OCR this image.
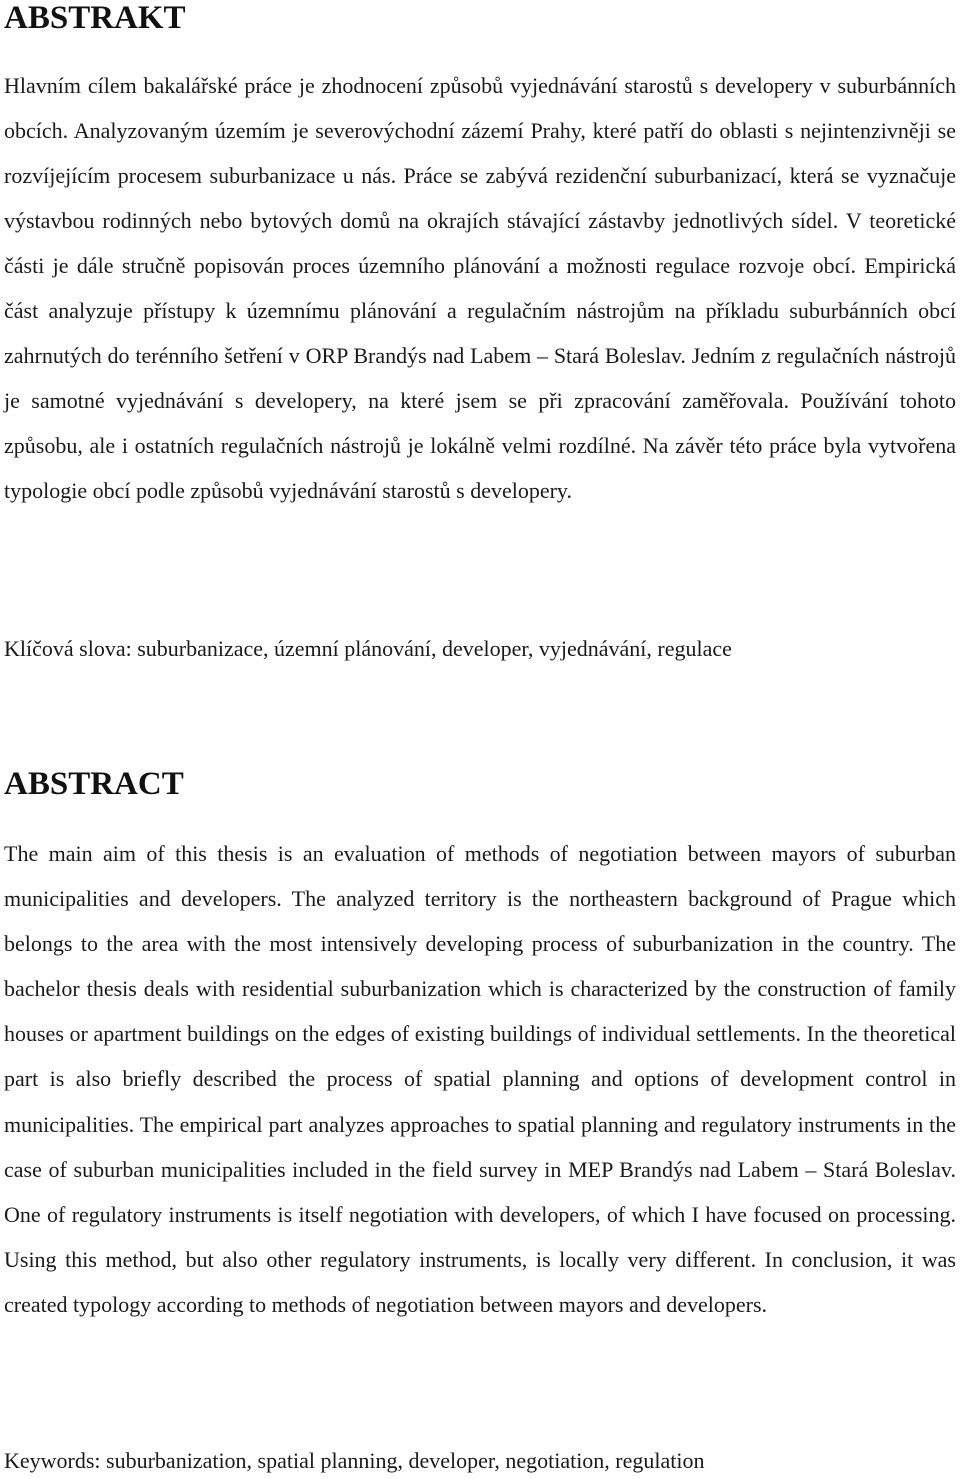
ABSTRAKT

Hlavním cílem bakalářské práce je zhodnocení způsobů vyjednávání starostů s developery v suburbánních obcích. Analyzovaným územím je severovýchodní zázemí Prahy, které patří do oblasti s nejintenzivněji se rozvíjejícím procesem suburbanizace u nás. Práce se zabývá rezidenční suburbanizací, která se vyznačuje výstavbou rodinných nebo bytových domů na okrajích stávající zástavby jednotlivých sídel. V teoretické části je dále stručně popisován proces územního plánování a možnosti regulace rozvoje obcí. Empirická část analyzuje přístupy k územnímu plánování a regulačním nástrojům na příkladu suburbánních obcí zahrnutých do terénního šetření v ORP Brandýs nad Labem – Stará Boleslav. Jedním z regulačních nástrojů je samotné vyjednávání s developery, na které jsem se při zpracování zaměřovala. Používání tohoto způsobu, ale i ostatních regulačních nástrojů je lokálně velmi rozdílné. Na závěr této práce byla vytvořena typologie obcí podle způsobů vyjednávání starostů s developery.

Klíčová slova: suburbanizace, územní plánování, developer, vyjednávání, regulace

ABSTRACT

The main aim of this thesis is an evaluation of methods of negotiation between mayors of suburban municipalities and developers. The analyzed territory is the northeastern background of Prague which belongs to the area with the most intensively developing process of suburbanization in the country. The bachelor thesis deals with residential suburbanization which is characterized by the construction of family houses or apartment buildings on the edges of existing buildings of individual settlements. In the theoretical part is also briefly described the process of spatial planning and options of development control in municipalities. The empirical part analyzes approaches to spatial planning and regulatory instruments in the case of suburban municipalities included in the field survey in MEP Brandýs nad Labem – Stará Boleslav. One of regulatory instruments is itself negotiation with developers, of which I have focused on processing. Using this method, but also other regulatory instruments, is locally very different. In conclusion, it was created typology according to methods of negotiation between mayors and developers.

Keywords: suburbanization, spatial planning, developer, negotiation, regulation
